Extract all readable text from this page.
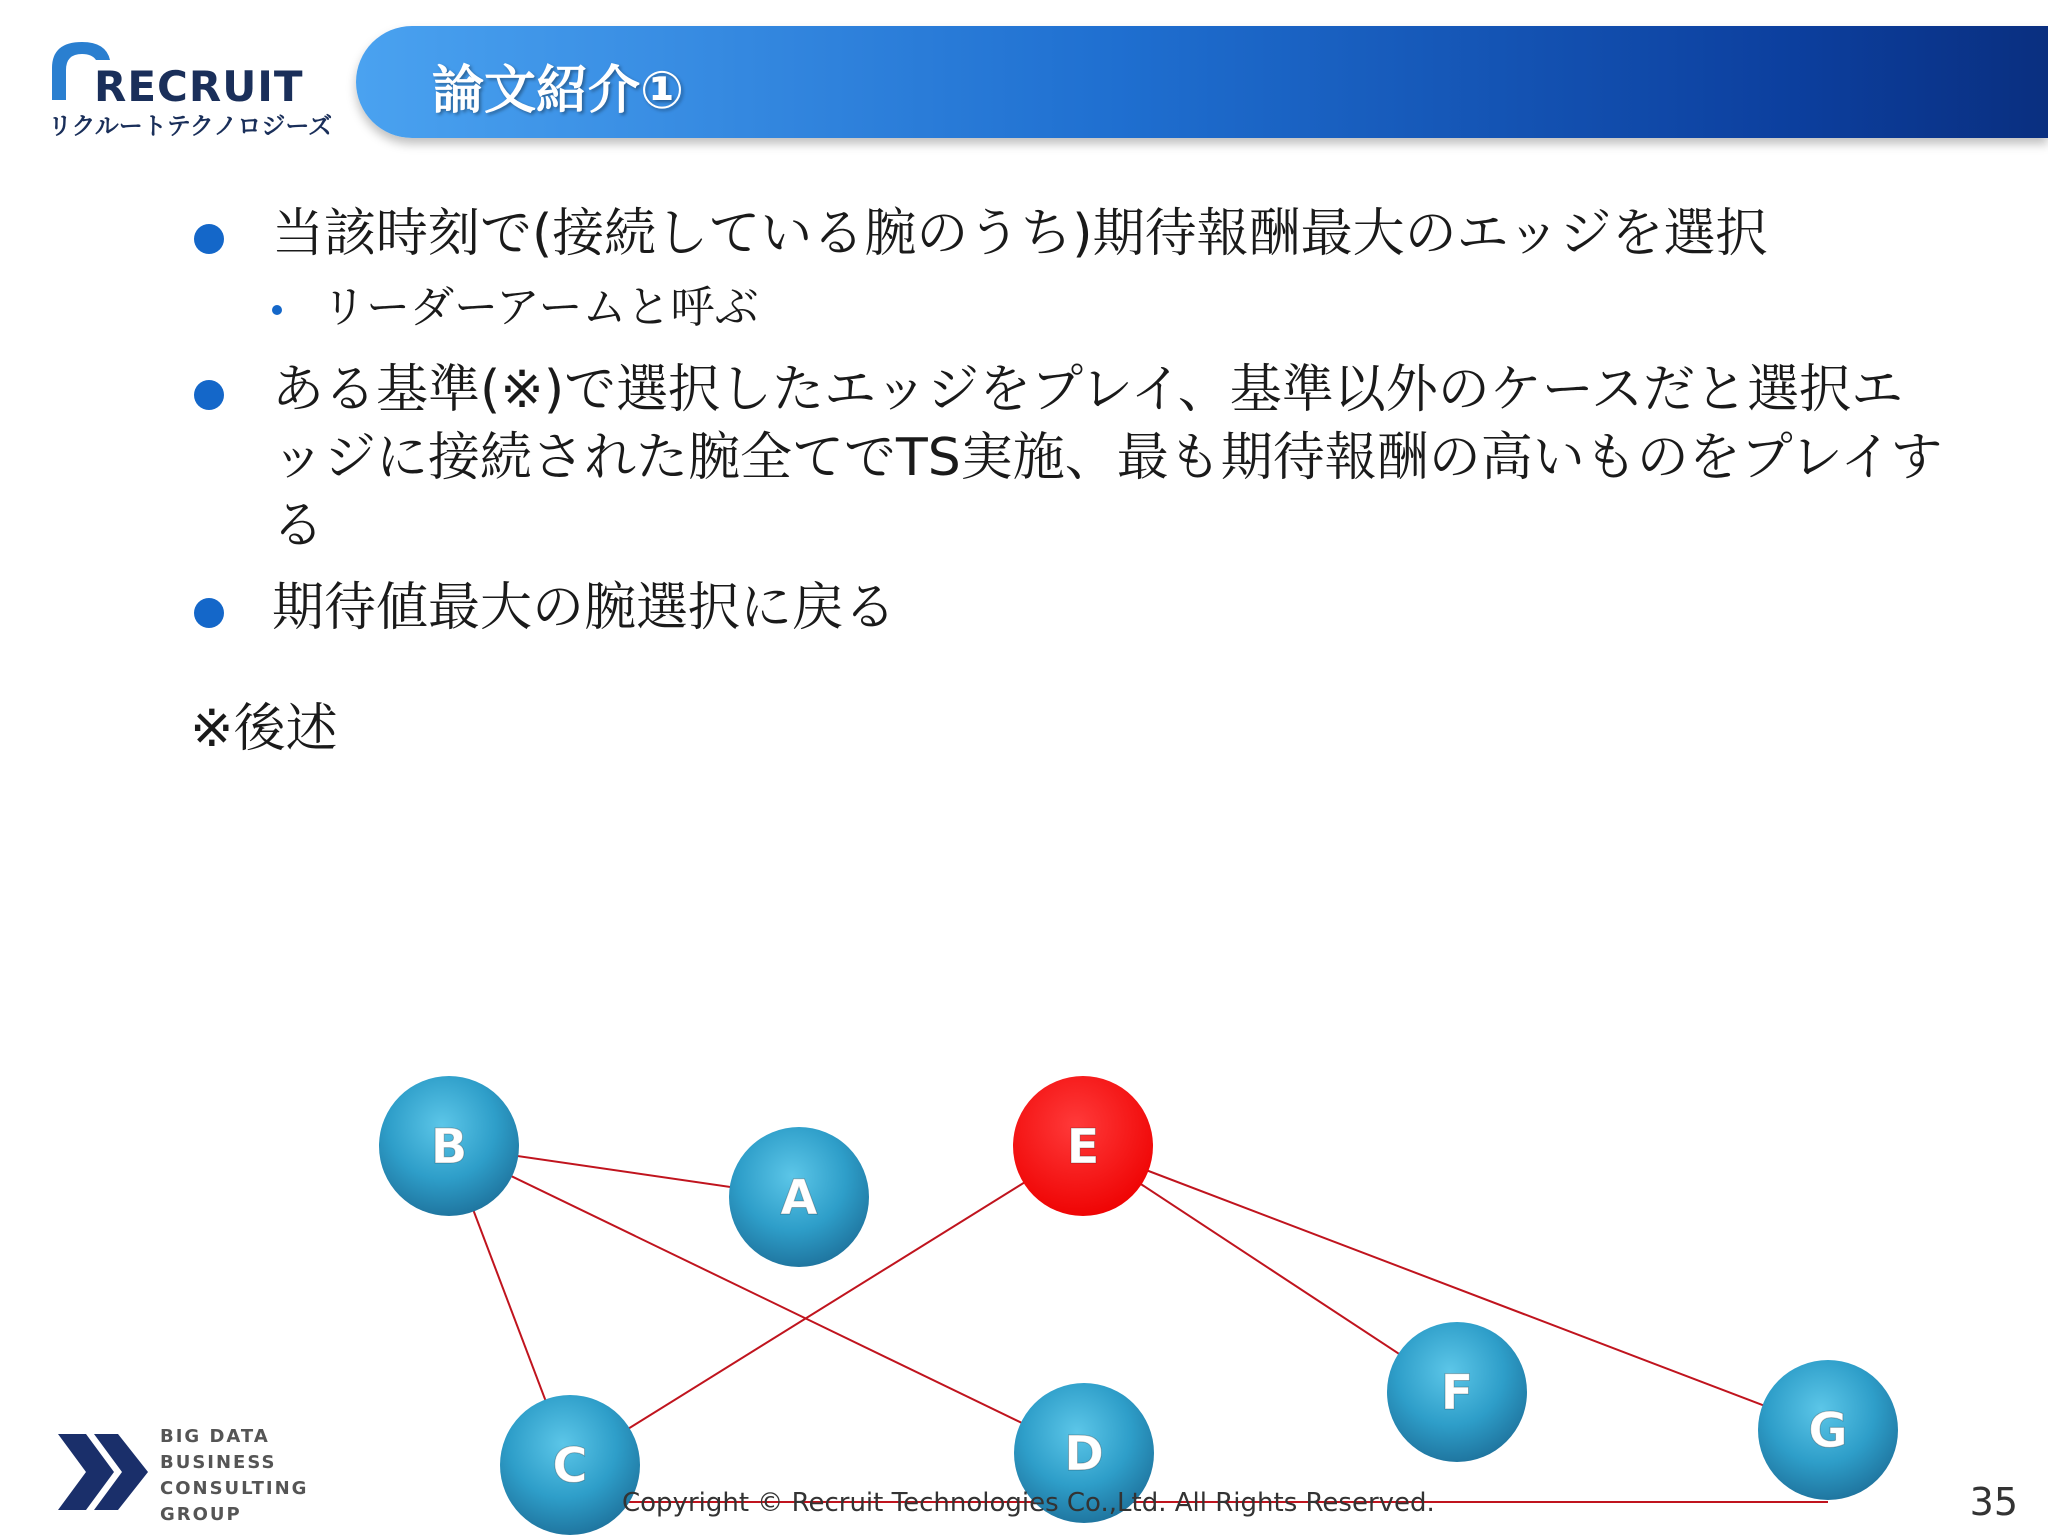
RECRUIT
リクルートテクノロジーズ
論文紹介①
当該時刻で(接続している腕のうち)期待報酬最大のエッジを選択
リーダーアームと呼ぶ
ある基準(※)で選択したエッジをプレイ、基準以外のケースだと選択エッジに接続された腕全てでTS実施、最も期待報酬の高いものをプレイする
期待値最大の腕選択に戻る
※後述
B
A
E
C	D
F
G
BIG DATA
BUSINESS
CONSULTING
GROUP	Copyright © Recruit Technologies Co.,Ltd. All Rights Reserved.	35
